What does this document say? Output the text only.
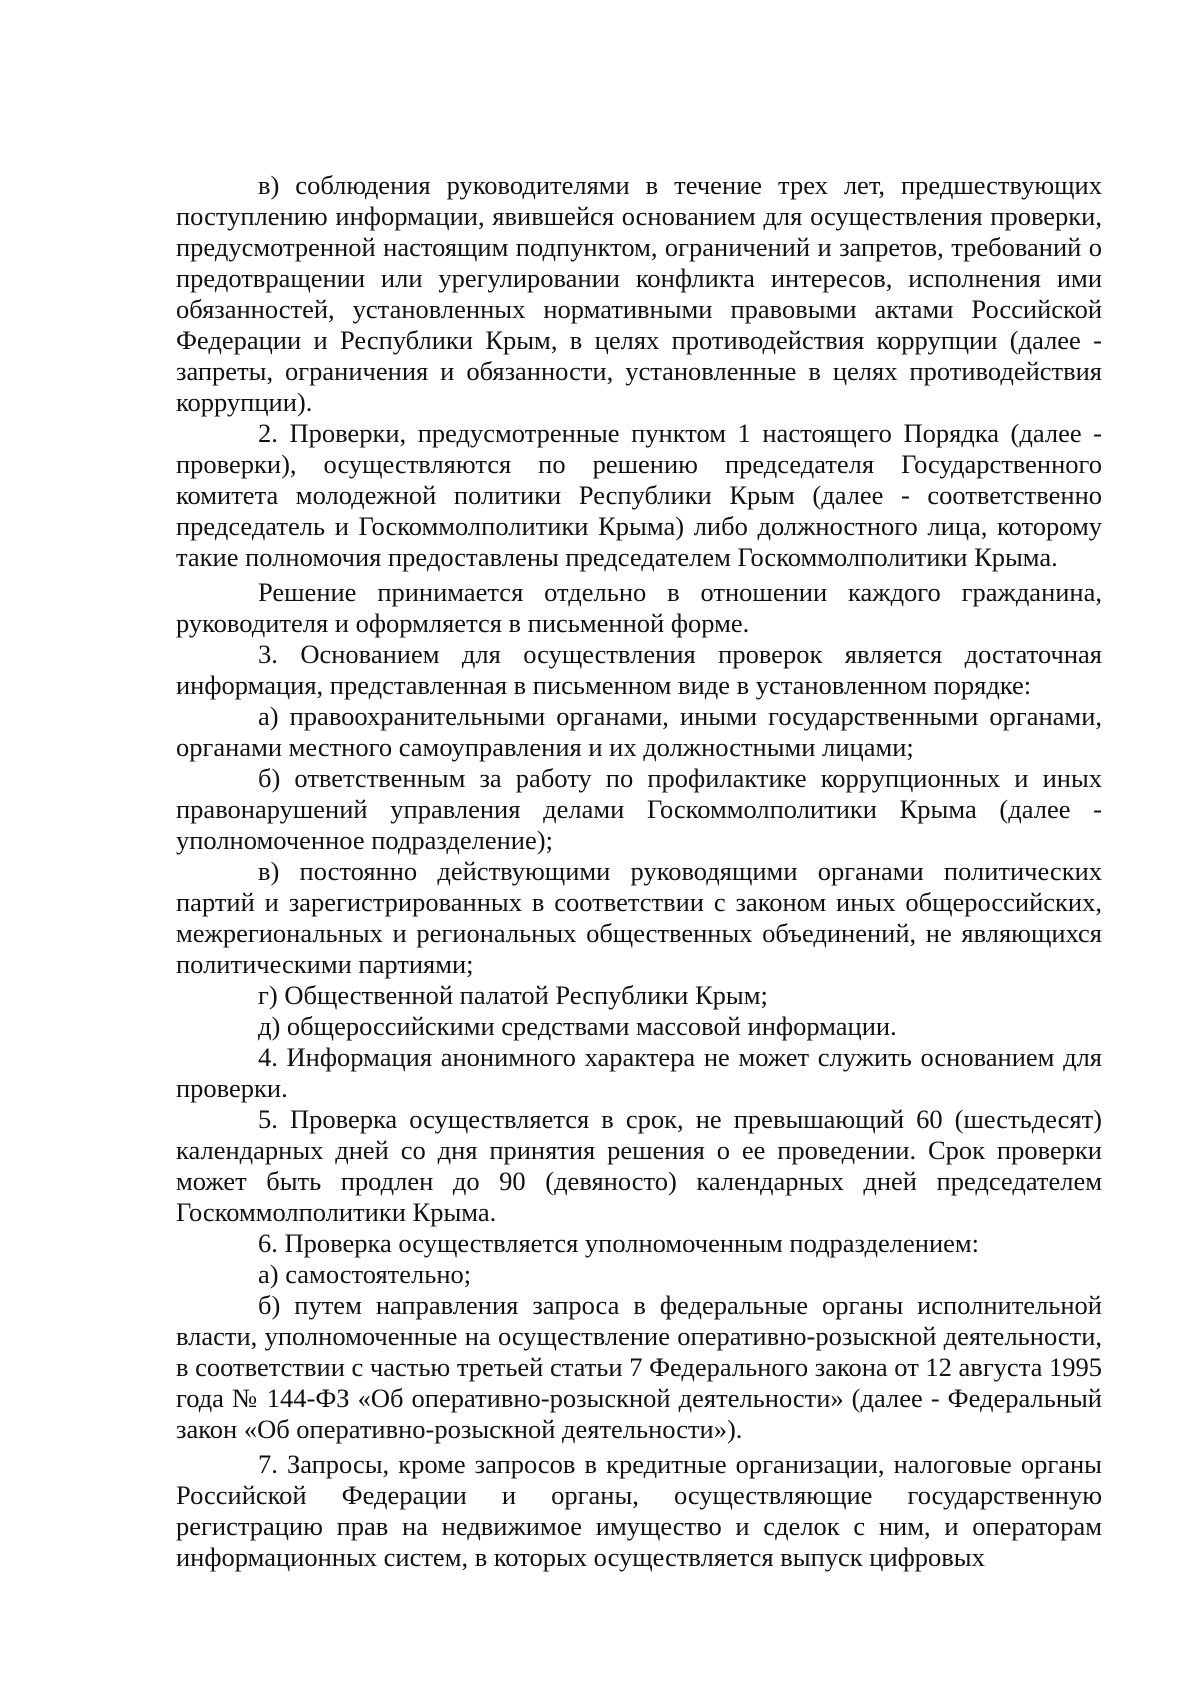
в) соблюдения руководителями в течение трех лет, предшествующих поступлению информации, явившейся основанием для осуществления проверки, предусмотренной настоящим подпунктом, ограничений и запретов, требований о предотвращении или урегулировании конфликта интересов, исполнения ими обязанностей, установленных нормативными правовыми актами Российской Федерации и Республики Крым, в целях противодействия коррупции (далее - запреты, ограничения и обязанности, установленные в целях противодействия коррупции).

2. Проверки, предусмотренные пунктом 1 настоящего Порядка (далее - проверки), осуществляются по решению председателя Государственного комитета молодежной политики Республики Крым (далее - соответственно председатель и Госкоммолполитики Крыма) либо должностного лица, которому такие полномочия предоставлены председателем Госкоммолполитики Крыма.

Решение принимается отдельно в отношении каждого гражданина, руководителя и оформляется в письменной форме.

3. Основанием для осуществления проверок является достаточная информация, представленная в письменном виде в установленном порядке:

а) правоохранительными органами, иными государственными органами, органами местного самоуправления и их должностными лицами;

б) ответственным за работу по профилактике коррупционных и иных правонарушений управления делами Госкоммолполитики Крыма (далее - уполномоченное подразделение);

в) постоянно действующими руководящими органами политических партий и зарегистрированных в соответствии с законом иных общероссийских, межрегиональных и региональных общественных объединений, не являющихся политическими партиями;

г) Общественной палатой Республики Крым;

д) общероссийскими средствами массовой информации.

4. Информация анонимного характера не может служить основанием для проверки.

5. Проверка осуществляется в срок, не превышающий 60 (шестьдесят) календарных дней со дня принятия решения о ее проведении. Срок проверки может быть продлен до 90 (девяносто) календарных дней председателем Госкоммолполитики Крыма.

6. Проверка осуществляется уполномоченным подразделением:

а) самостоятельно;

б) путем направления запроса в федеральные органы исполнительной власти, уполномоченные на осуществление оперативно-розыскной деятельности, в соответствии с частью третьей статьи 7 Федерального закона от 12 августа 1995 года № 144-ФЗ «Об оперативно-розыскной деятельности» (далее - Федеральный закон «Об оперативно-розыскной деятельности»).

7. Запросы, кроме запросов в кредитные организации, налоговые органы Российской Федерации и органы, осуществляющие государственную регистрацию прав на недвижимое имущество и сделок с ним, и операторам информационных систем, в которых осуществляется выпуск цифровых
